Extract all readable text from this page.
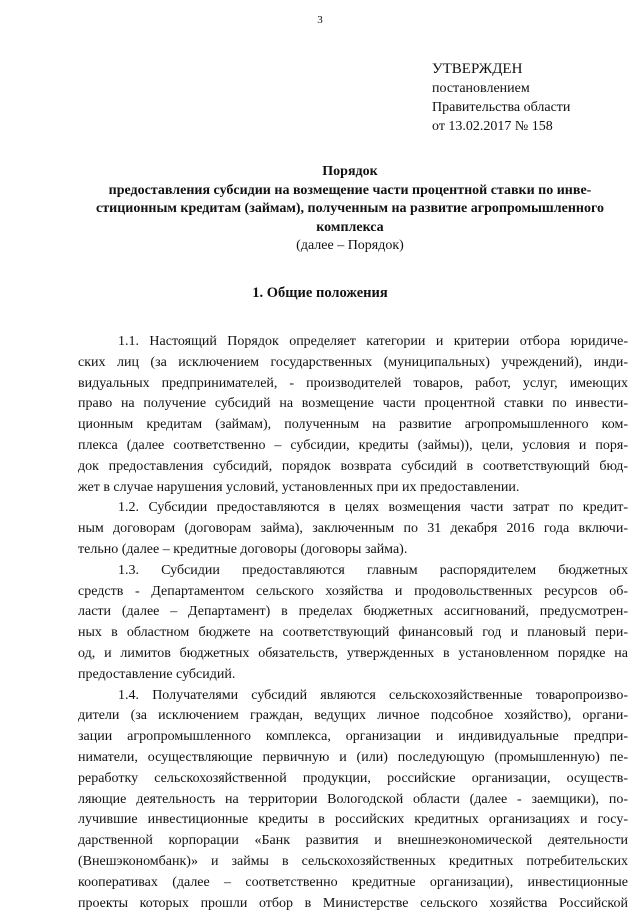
3
УТВЕРЖДЕН
постановлением
Правительства области
от 13.02.2017 № 158
Порядок
предоставления субсидии на возмещение части процентной ставки по инве-
стиционным кредитам (займам), полученным на развитие агропромышленного
комплекса
(далее – Порядок)
1. Общие положения
1.1. Настоящий Порядок определяет категории и критерии отбора юридиче-
ских лиц (за исключением государственных (муниципальных) учреждений), инди-
видуальных предпринимателей, - производителей товаров, работ, услуг, имеющих
право на получение субсидий на возмещение части процентной ставки по инвести-
ционным кредитам (займам), полученным на развитие агропромышленного ком-
плекса (далее соответственно – субсидии, кредиты (займы)), цели, условия и поря-
док предоставления субсидий, порядок возврата субсидий в соответствующий бюд-
жет в случае нарушения условий, установленных при их предоставлении.
1.2. Субсидии предоставляются в целях возмещения части затрат по кредит-
ным договорам (договорам займа), заключенным по 31 декабря 2016 года включи-
тельно (далее – кредитные договоры (договоры займа).
1.3. Субсидии предоставляются главным распорядителем бюджетных
средств - Департаментом сельского хозяйства и продовольственных ресурсов об-
ласти (далее – Департамент) в пределах бюджетных ассигнований, предусмотрен-
ных в областном бюджете на соответствующий финансовый год и плановый пери-
од, и лимитов бюджетных обязательств, утвержденных в установленном порядке на
предоставление субсидий.
1.4. Получателями субсидий являются сельскохозяйственные товаропроизво-
дители (за исключением граждан, ведущих личное подсобное хозяйство), органи-
зации агропромышленного комплекса, организации и индивидуальные предпри-
ниматели, осуществляющие первичную и (или) последующую (промышленную) пе-
реработку сельскохозяйственной продукции, российские организации, осуществ-
ляющие деятельность на территории Вологодской области (далее - заемщики), по-
лучившие инвестиционные кредиты в российских кредитных организациях и госу-
дарственной корпорации «Банк развития и внешнеэкономической деятельности
(Внешэкономбанк)» и займы в сельскохозяйственных кредитных потребительских
кооперативах (далее – соответственно кредитные организации), инвестиционные
проекты которых прошли отбор в Министерстве сельского хозяйства Российской
